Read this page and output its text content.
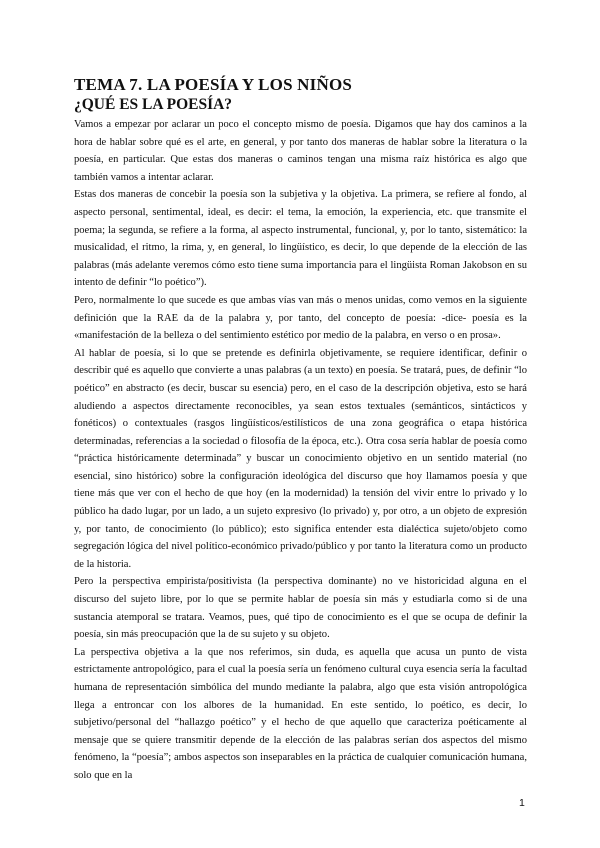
TEMA 7. LA POESÍA Y LOS NIÑOS
¿QUÉ ES LA POESÍA?

Vamos a empezar por aclarar un poco el concepto mismo de poesía. Digamos que hay dos caminos a la hora de hablar sobre qué es el arte, en general, y por tanto dos maneras de hablar sobre la literatura o la poesía, en particular. Que estas dos maneras o caminos tengan una misma raíz histórica es algo que también vamos a intentar aclarar.

Estas dos maneras de concebir la poesía son la subjetiva y la objetiva. La primera, se refiere al fondo, al aspecto personal, sentimental, ideal, es decir: el tema, la emoción, la experiencia, etc. que transmite el poema; la segunda, se refiere a la forma, al aspecto instrumental, funcional, y, por lo tanto, sistemático: la musicalidad, el ritmo, la rima, y, en general, lo lingüístico, es decir, lo que depende de la elección de las palabras (más adelante veremos cómo esto tiene suma importancia para el lingüista Roman Jakobson en su intento de definir “lo poético”).

Pero, normalmente lo que sucede es que ambas vías van más o menos unidas, como vemos en la siguiente definición que la RAE da de la palabra y, por tanto, del concepto de poesía: -dice- poesía es la «manifestación de la belleza o del sentimiento estético por medio de la palabra, en verso o en prosa».

Al hablar de poesía, si lo que se pretende es definirla objetivamente, se requiere identificar, definir o describir qué es aquello que convierte a unas palabras (a un texto) en poesía. Se tratará, pues, de definir “lo poético” en abstracto (es decir, buscar su esencia) pero, en el caso de la descripción objetiva, esto se hará aludiendo a aspectos directamente reconocibles, ya sean estos textuales (semánticos, sintácticos y fonéticos) o contextuales (rasgos lingüísticos/estilísticos de una zona geográfica o etapa histórica determinadas, referencias a la sociedad o filosofía de la época, etc.). Otra cosa sería hablar de poesía como “práctica históricamente determinada” y buscar un conocimiento objetivo en un sentido material (no esencial, sino histórico) sobre la configuración ideológica del discurso que hoy llamamos poesía y que tiene más que ver con el hecho de que hoy (en la modernidad) la tensión del vivir entre lo privado y lo público ha dado lugar, por un lado, a un sujeto expresivo (lo privado) y, por otro, a un objeto de expresión y, por tanto, de conocimiento (lo público); esto significa entender esta dialéctica sujeto/objeto como segregación lógica del nivel político-económico privado/público y por tanto la literatura como un producto de la historia.

Pero la perspectiva empirista/positivista (la perspectiva dominante) no ve historicidad alguna en el discurso del sujeto libre, por lo que se permite hablar de poesía sin más y estudiarla como si de una sustancia atemporal se tratara. Veamos, pues, qué tipo de conocimiento es el que se ocupa de definir la poesía, sin más preocupación que la de su sujeto y su objeto.

La perspectiva objetiva a la que nos referimos, sin duda, es aquella que acusa un punto de vista estrictamente antropológico, para el cual la poesía sería un fenómeno cultural cuya esencia sería la facultad humana de representación simbólica del mundo mediante la palabra, algo que esta visión antropológica llega a entroncar con los albores de la humanidad. En este sentido, lo poético, es decir, lo subjetivo/personal del “hallazgo poético” y el hecho de que aquello que caracteriza poéticamente al mensaje que se quiere transmitir depende de la elección de las palabras serían dos aspectos del mismo fenómeno, la “poesía”; ambos aspectos son inseparables en la práctica de cualquier comunicación humana, solo que en la

1
